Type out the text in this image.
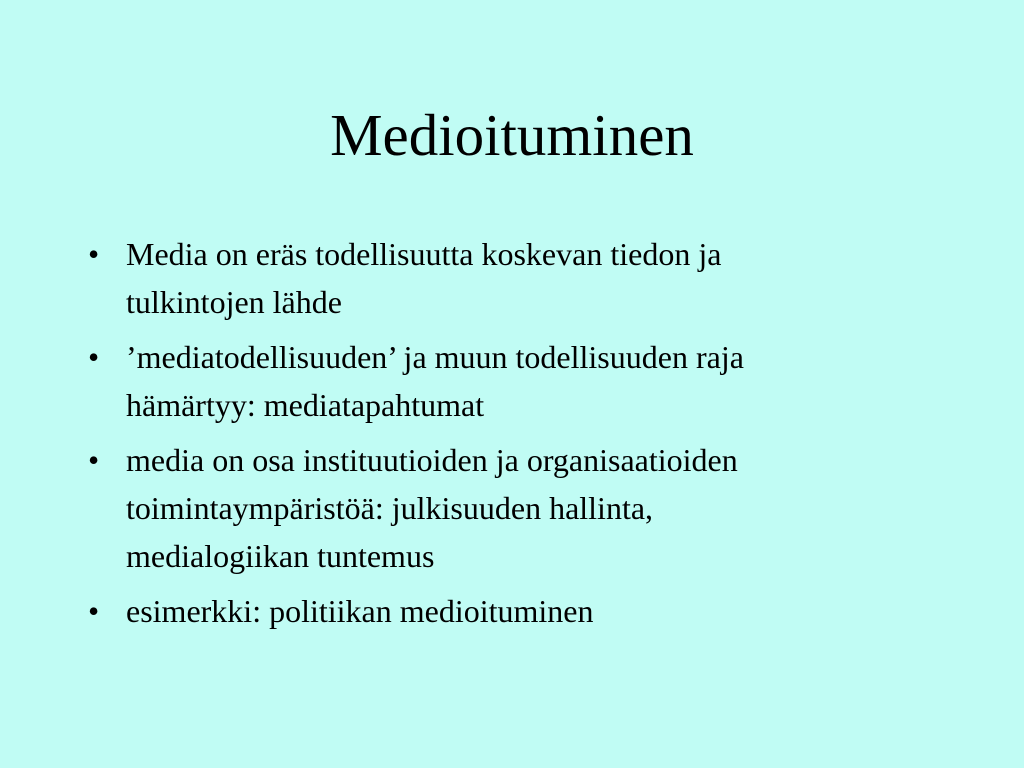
Medioituminen
• Media on eräs todellisuutta koskevan tiedon ja
tulkintojen lähde
• ’mediatodellisuuden’ ja muun todellisuuden raja
hämärtyy: mediatapahtumat
• media on osa instituutioiden ja organisaatioiden
toimintaympäristöä: julkisuuden hallinta,
medialogiikan tuntemus
• esimerkki: politiikan medioituminen
